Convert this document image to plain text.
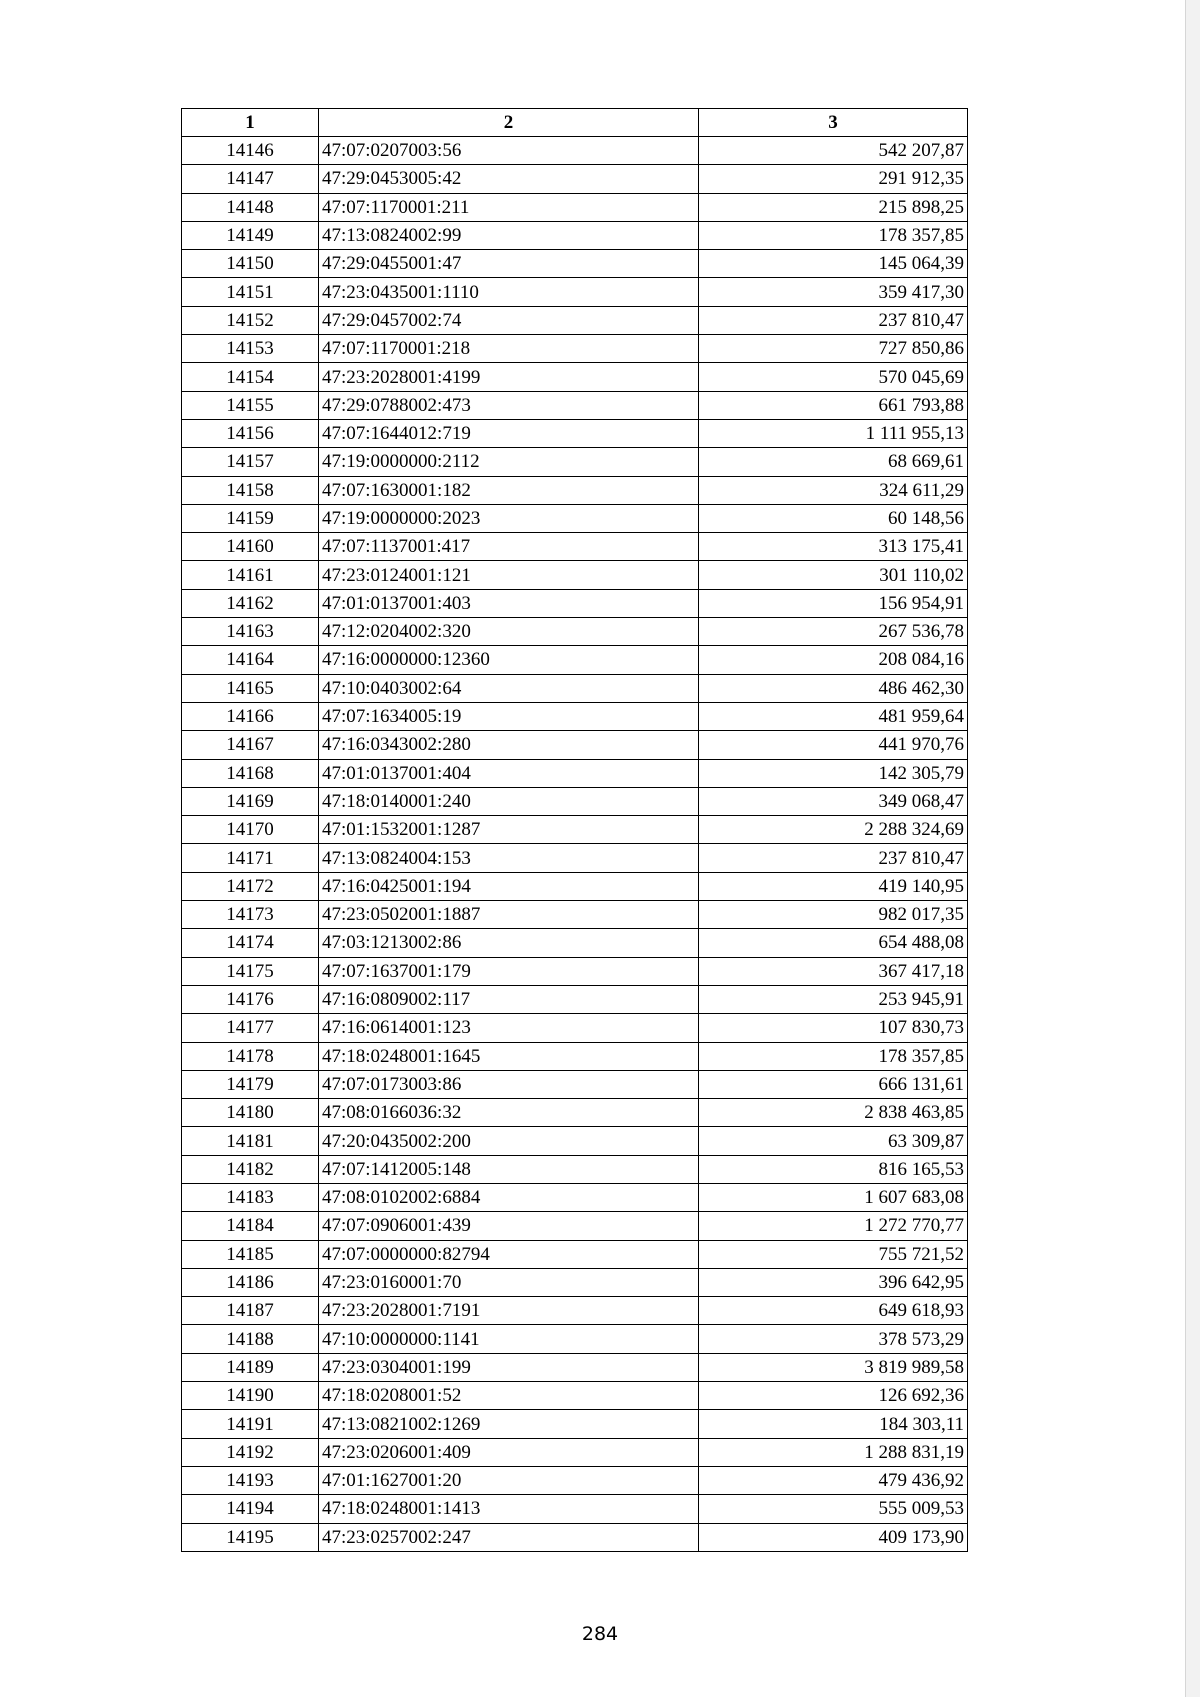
1	2	3
14146	47:07:0207003:56	542 207,87
14147	47:29:0453005:42	291 912,35
14148	47:07:1170001:211	215 898,25
14149	47:13:0824002:99	178 357,85
14150	47:29:0455001:47	145 064,39
14151	47:23:0435001:1110	359 417,30
14152	47:29:0457002:74	237 810,47
14153	47:07:1170001:218	727 850,86
14154	47:23:2028001:4199	570 045,69
14155	47:29:0788002:473	661 793,88
14156	47:07:1644012:719	1 111 955,13
14157	47:19:0000000:2112	68 669,61
14158	47:07:1630001:182	324 611,29
14159	47:19:0000000:2023	60 148,56
14160	47:07:1137001:417	313 175,41
14161	47:23:0124001:121	301 110,02
14162	47:01:0137001:403	156 954,91
14163	47:12:0204002:320	267 536,78
14164	47:16:0000000:12360	208 084,16
14165	47:10:0403002:64	486 462,30
14166	47:07:1634005:19	481 959,64
14167	47:16:0343002:280	441 970,76
14168	47:01:0137001:404	142 305,79
14169	47:18:0140001:240	349 068,47
14170	47:01:1532001:1287	2 288 324,69
14171	47:13:0824004:153	237 810,47
14172	47:16:0425001:194	419 140,95
14173	47:23:0502001:1887	982 017,35
14174	47:03:1213002:86	654 488,08
14175	47:07:1637001:179	367 417,18
14176	47:16:0809002:117	253 945,91
14177	47:16:0614001:123	107 830,73
14178	47:18:0248001:1645	178 357,85
14179	47:07:0173003:86	666 131,61
14180	47:08:0166036:32	2 838 463,85
14181	47:20:0435002:200	63 309,87
14182	47:07:1412005:148	816 165,53
14183	47:08:0102002:6884	1 607 683,08
14184	47:07:0906001:439	1 272 770,77
14185	47:07:0000000:82794	755 721,52
14186	47:23:0160001:70	396 642,95
14187	47:23:2028001:7191	649 618,93
14188	47:10:0000000:1141	378 573,29
14189	47:23:0304001:199	3 819 989,58
14190	47:18:0208001:52	126 692,36
14191	47:13:0821002:1269	184 303,11
14192	47:23:0206001:409	1 288 831,19
14193	47:01:1627001:20	479 436,92
14194	47:18:0248001:1413	555 009,53
14195	47:23:0257002:247	409 173,90
284
